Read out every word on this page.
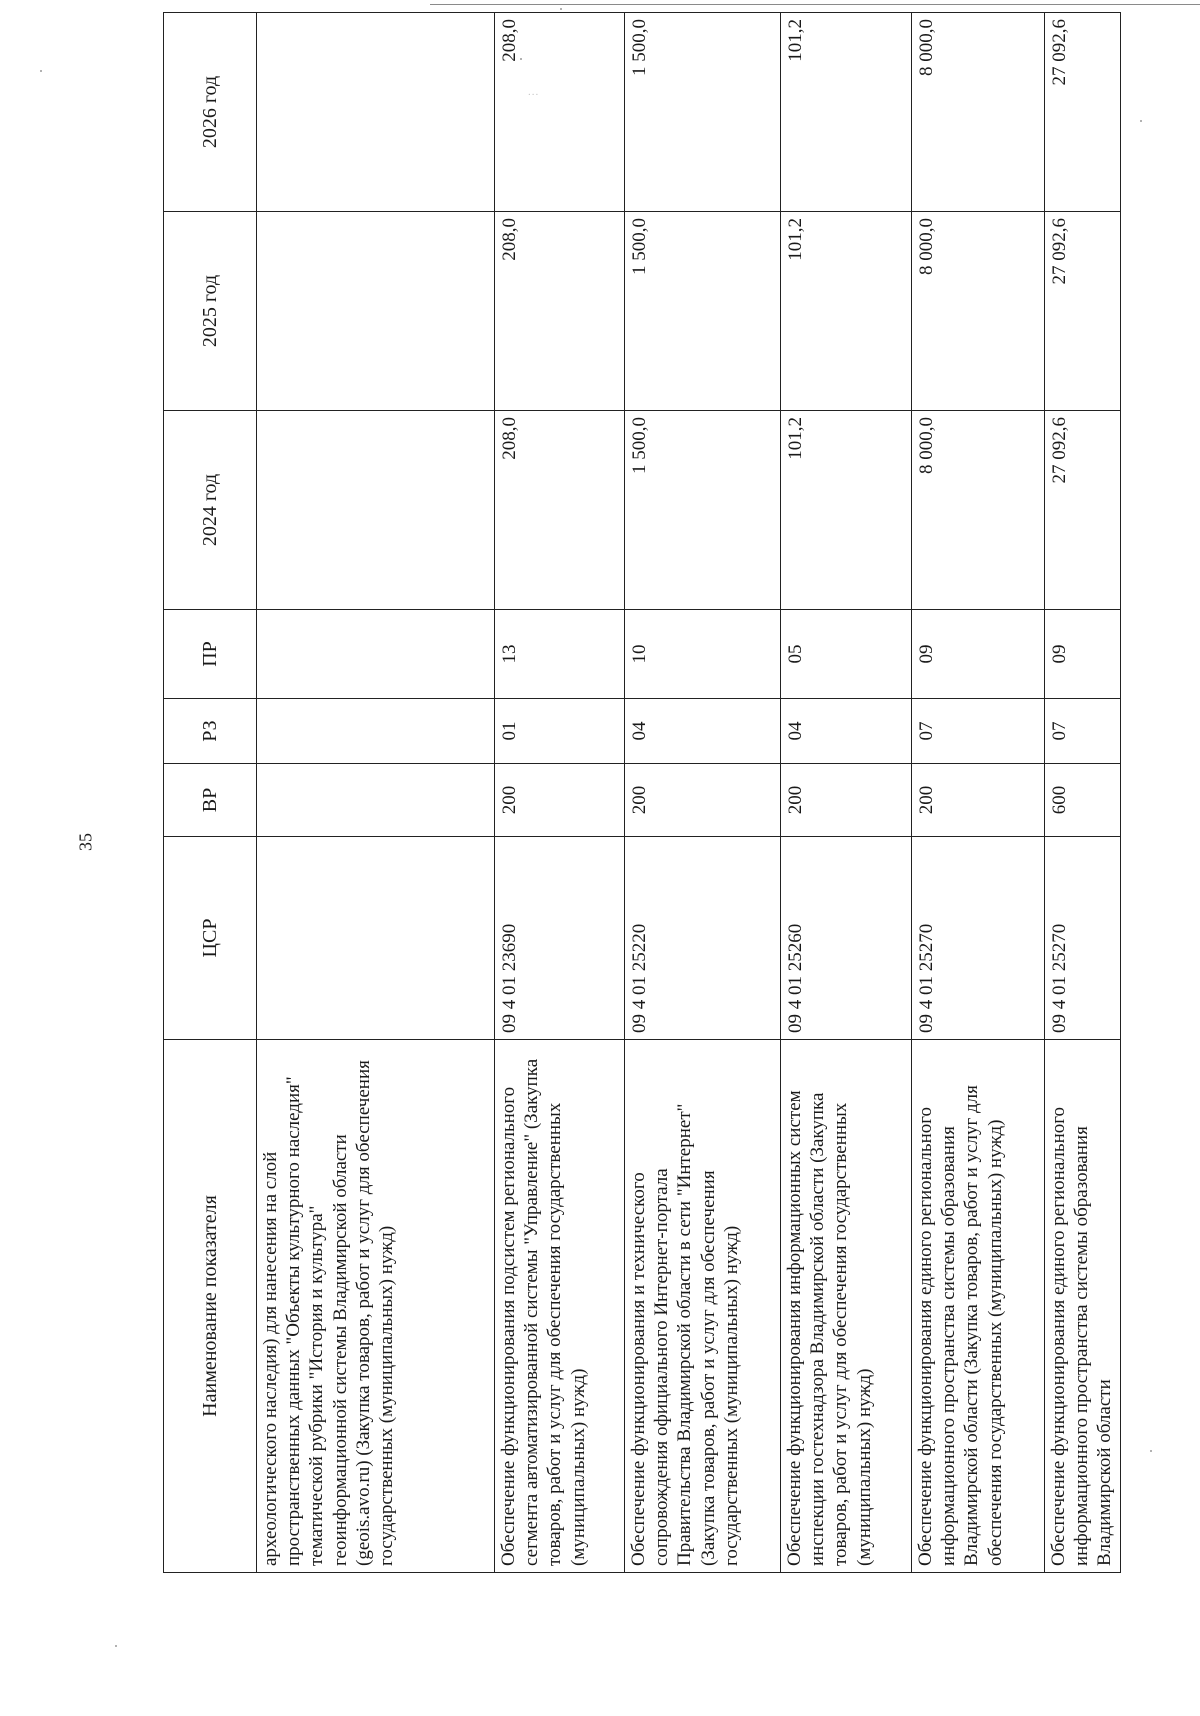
...
35
Наименование показателя	ЦСР	ВР	РЗ	ПР	2024 год	2025 год	2026 год
археологического наследия) для нанесения на слой пространственных данных "Объекты культурного наследия" тематической рубрики "История и культура" геоинформационной системы Владимирской области (geois.avo.ru) (Закупка товаров, работ и услуг для обеспечения государственных (муниципальных) нужд)							
Обеспечение функционирования подсистем регионального сегмента автоматизированной системы "Управление" (Закупка товаров, работ и услуг для обеспечения государственных (муниципальных) нужд)	09 4 01 23690	200	01	13	208,0	208,0	208,0
Обеспечение функционирования и технического сопровождения официального Интернет-портала Правительства Владимирской области в сети "Интернет" (Закупка товаров, работ и услуг для обеспечения государственных (муниципальных) нужд)	09 4 01 25220	200	04	10	1 500,0	1 500,0	1 500,0
Обеспечение функционирования информационных систем инспекции гостехнадзора Владимирской области (Закупка товаров, работ и услуг для обеспечения государственных (муниципальных) нужд)	09 4 01 25260	200	04	05	101,2	101,2	101,2
Обеспечение функционирования единого регионального информационного пространства системы образования Владимирской области (Закупка товаров, работ и услуг для обеспечения государственных (муниципальных) нужд)	09 4 01 25270	200	07	09	8 000,0	8 000,0	8 000,0
Обеспечение функционирования единого регионального информационного пространства системы образования Владимирской области	09 4 01 25270	600	07	09	27 092,6	27 092,6	27 092,6
